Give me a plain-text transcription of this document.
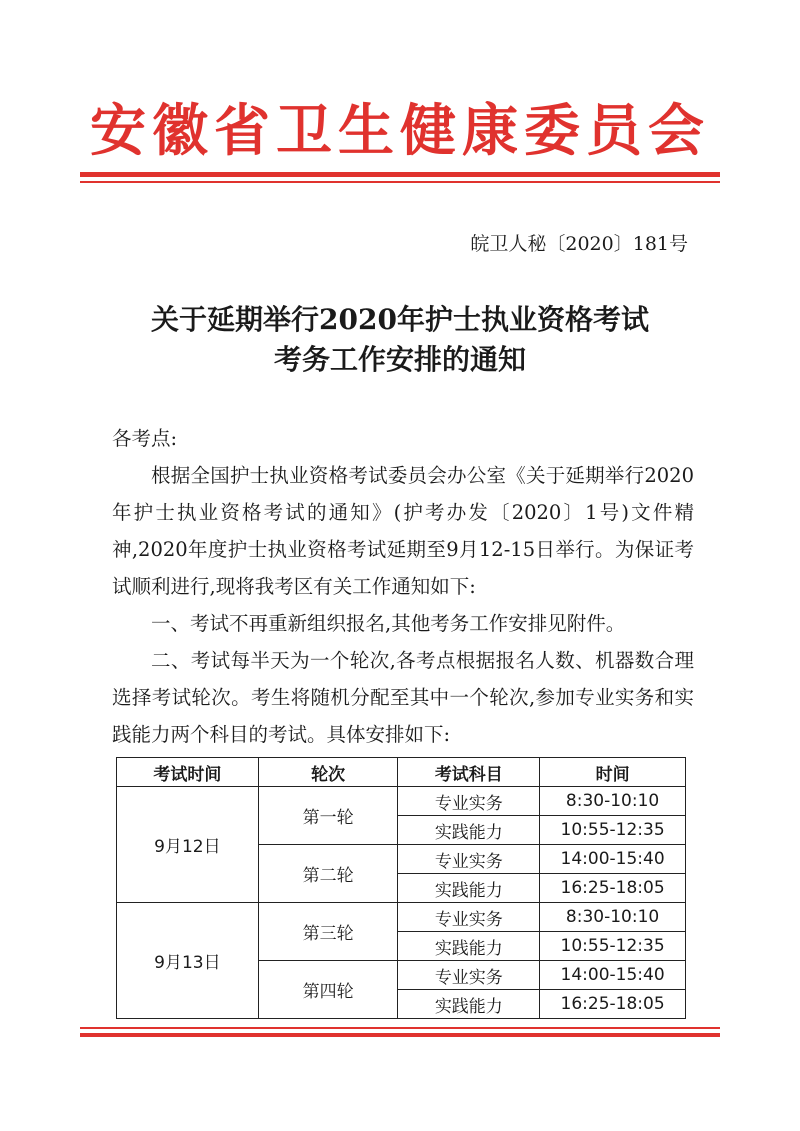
安徽省卫生健康委员会
皖卫人秘〔2020〕181号
关于延期举行2020年护士执业资格考试
考务工作安排的通知

各考点:

根据全国护士执业资格考试委员会办公室《关于延期举行2020年护士执业资格考试的通知》(护考办发〔2020〕1号)文件精神,2020年度护士执业资格考试延期至9月12-15日举行。为保证考试顺利进行,现将我考区有关工作通知如下:

一、考试不再重新组织报名,其他考务工作安排见附件。

二、考试每半天为一个轮次,各考点根据报名人数、机器数合理选择考试轮次。考生将随机分配至其中一个轮次,参加专业实务和实践能力两个科目的考试。具体安排如下:

考试时间	轮次	考试科目	时间
9月12日	第一轮	专业实务	8:30-10:10
		实践能力	10:55-12:35
	第二轮	专业实务	14:00-15:40
		实践能力	16:25-18:05
9月13日	第三轮	专业实务	8:30-10:10
		实践能力	10:55-12:35
	第四轮	专业实务	14:00-15:40
		实践能力	16:25-18:05
